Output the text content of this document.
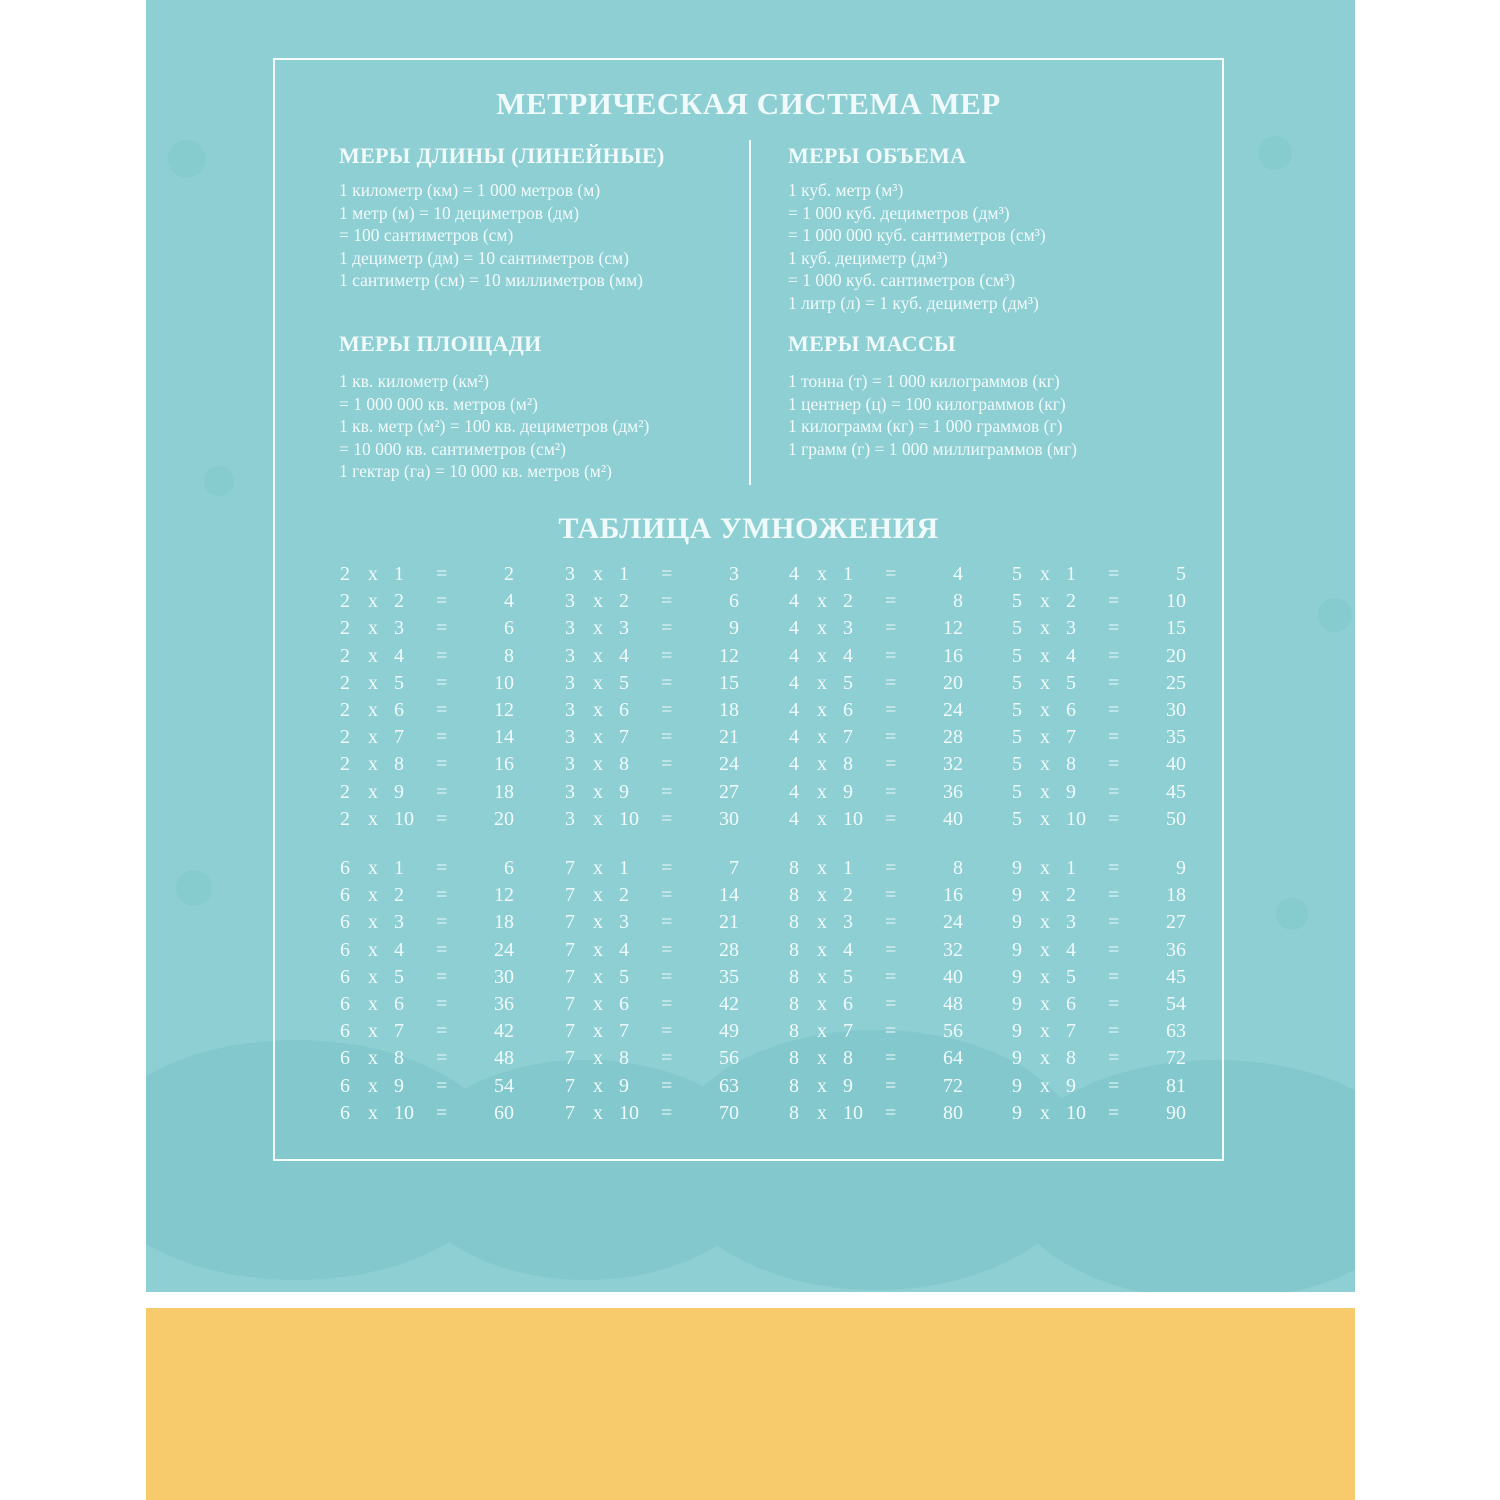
МЕТРИЧЕСКАЯ СИСТЕМА МЕР
МЕРЫ ДЛИНЫ (ЛИНЕЙНЫЕ)
1 километр (км) = 1 000 метров (м)
1 метр (м) = 10 дециметров (дм)
= 100 сантиметров (см)
1 дециметр (дм) = 10 сантиметров (см)
1 сантиметр (см) = 10 миллиметров (мм)
МЕРЫ ОБЪЕМА
1 куб. метр (м³)
= 1 000 куб. дециметров (дм³)
= 1 000 000 куб. сантиметров (см³)
1 куб. дециметр (дм³)
= 1 000 куб. сантиметров (см³)
1 литр (л) = 1 куб. дециметр (дм³)
МЕРЫ ПЛОЩАДИ
1 кв. километр (км²)
= 1 000 000 кв. метров (м²)
1 кв. метр (м²) = 100 кв. дециметров (дм²)
= 10 000 кв. сантиметров (см²)
1 гектар (га) = 10 000 кв. метров (м²)
МЕРЫ МАССЫ
1 тонна (т) = 1 000 килограммов (кг)
1 центнер (ц) = 100 килограммов (кг)
1 килограмм (кг) = 1 000 граммов (г)
1 грамм (г) = 1 000 миллиграммов (мг)
ТАБЛИЦА УМНОЖЕНИЯ
2 x 1 =	2
2 x 2 =	4
2 x 3 =	6
2 x 4 =	8
2 x 5 =	10
2 x 6 =	12
2 x 7 =	14
2 x 8 =	16
2 x 9 =	18
2 x 10 =	20
3 x 1 =	3
3 x 2 =	6
3 x 3 =	9
3 x 4 =	12
3 x 5 =	15
3 x 6 =	18
3 x 7 =	21
3 x 8 =	24
3 x 9 =	27
3 x 10 =	30
4 x 1 =	4
4 x 2 =	8
4 x 3 =	12
4 x 4 =	16
4 x 5 =	20
4 x 6 =	24
4 x 7 =	28
4 x 8 =	32
4 x 9 =	36
4 x 10 =	40
5 x 1 =	5
5 x 2 =	10
5 x 3 =	15
5 x 4 =	20
5 x 5 =	25
5 x 6 =	30
5 x 7 =	35
5 x 8 =	40
5 x 9 =	45
5 x 10 =	50
6 x 1 =	6
6 x 2 =	12
6 x 3 =	18
6 x 4 =	24
6 x 5 =	30
6 x 6 =	36
6 x 7 =	42
6 x 8 =	48
6 x 9 =	54
6 x 10 =	60
7 x 1 =	7
7 x 2 =	14
7 x 3 =	21
7 x 4 =	28
7 x 5 =	35
7 x 6 =	42
7 x 7 =	49
7 x 8 =	56
7 x 9 =	63
7 x 10 =	70
8 x 1 =	8
8 x 2 =	16
8 x 3 =	24
8 x 4 =	32
8 x 5 =	40
8 x 6 =	48
8 x 7 =	56
8 x 8 =	64
8 x 9 =	72
8 x 10 =	80
9 x 1 =	9
9 x 2 =	18
9 x 3 =	27
9 x 4 =	36
9 x 5 =	45
9 x 6 =	54
9 x 7 =	63
9 x 8 =	72
9 x 9 =	81
9 x 10 =	90
